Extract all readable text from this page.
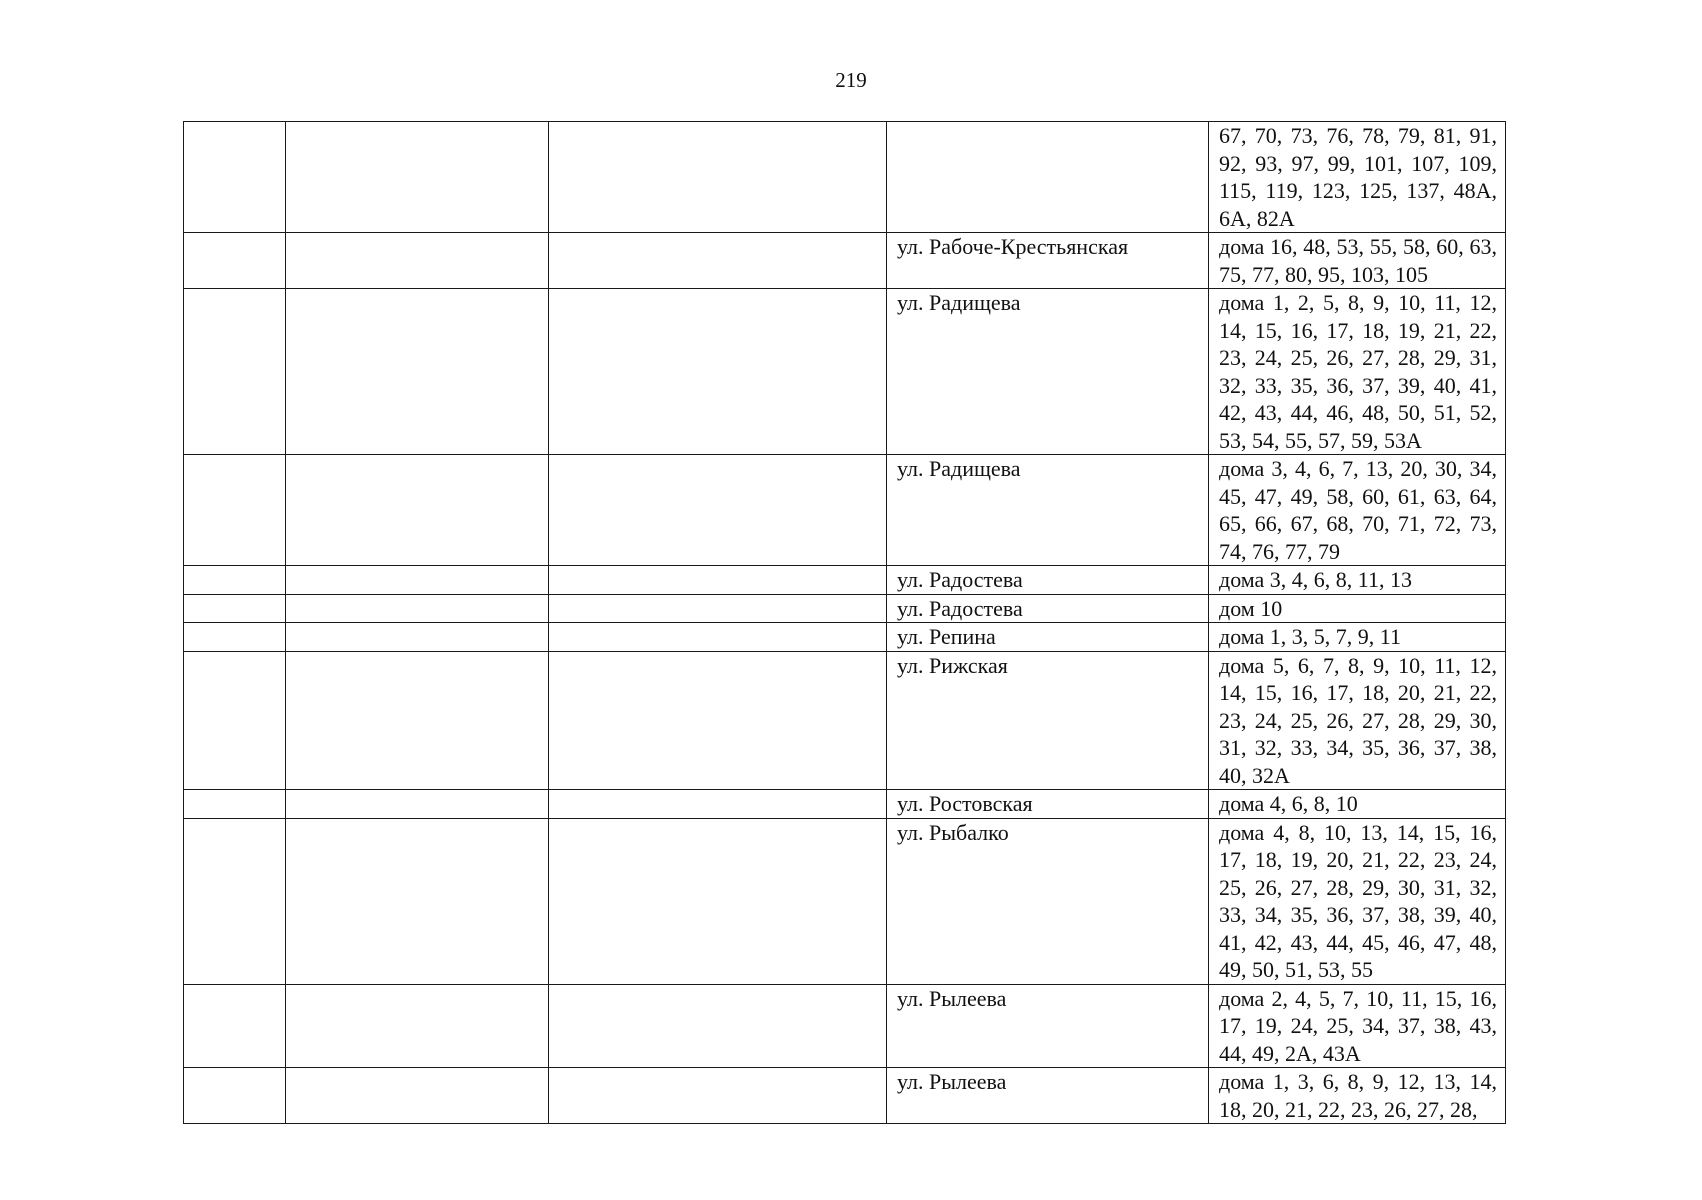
219
				67, 70, 73, 76, 78, 79, 81, 91, 92, 93, 97, 99, 101, 107, 109, 115, 119, 123, 125, 137, 48А, 6А, 82А
			ул. Рабоче-Крестьянская	дома 16, 48, 53, 55, 58, 60, 63, 75, 77, 80, 95, 103, 105
			ул. Радищева	дома 1, 2, 5, 8, 9, 10, 11, 12, 14, 15, 16, 17, 18, 19, 21, 22, 23, 24, 25, 26, 27, 28, 29, 31, 32, 33, 35, 36, 37, 39, 40, 41, 42, 43, 44, 46, 48, 50, 51, 52, 53, 54, 55, 57, 59, 53А
			ул. Радищева	дома 3, 4, 6, 7, 13, 20, 30, 34, 45, 47, 49, 58, 60, 61, 63, 64, 65, 66, 67, 68, 70, 71, 72, 73, 74, 76, 77, 79
			ул. Радостева	дома 3, 4, 6, 8, 11, 13
			ул. Радостева	дом 10
			ул. Репина	дома 1, 3, 5, 7, 9, 11
			ул. Рижская	дома 5, 6, 7, 8, 9, 10, 11, 12, 14, 15, 16, 17, 18, 20, 21, 22, 23, 24, 25, 26, 27, 28, 29, 30, 31, 32, 33, 34, 35, 36, 37, 38, 40, 32А
			ул. Ростовская	дома 4, 6, 8, 10
			ул. Рыбалко	дома 4, 8, 10, 13, 14, 15, 16, 17, 18, 19, 20, 21, 22, 23, 24, 25, 26, 27, 28, 29, 30, 31, 32, 33, 34, 35, 36, 37, 38, 39, 40, 41, 42, 43, 44, 45, 46, 47, 48, 49, 50, 51, 53, 55
			ул. Рылеева	дома 2, 4, 5, 7, 10, 11, 15, 16, 17, 19, 24, 25, 34, 37, 38, 43, 44, 49, 2А, 43А
			ул. Рылеева	дома 1, 3, 6, 8, 9, 12, 13, 14, 18, 20, 21, 22, 23, 26, 27, 28,
